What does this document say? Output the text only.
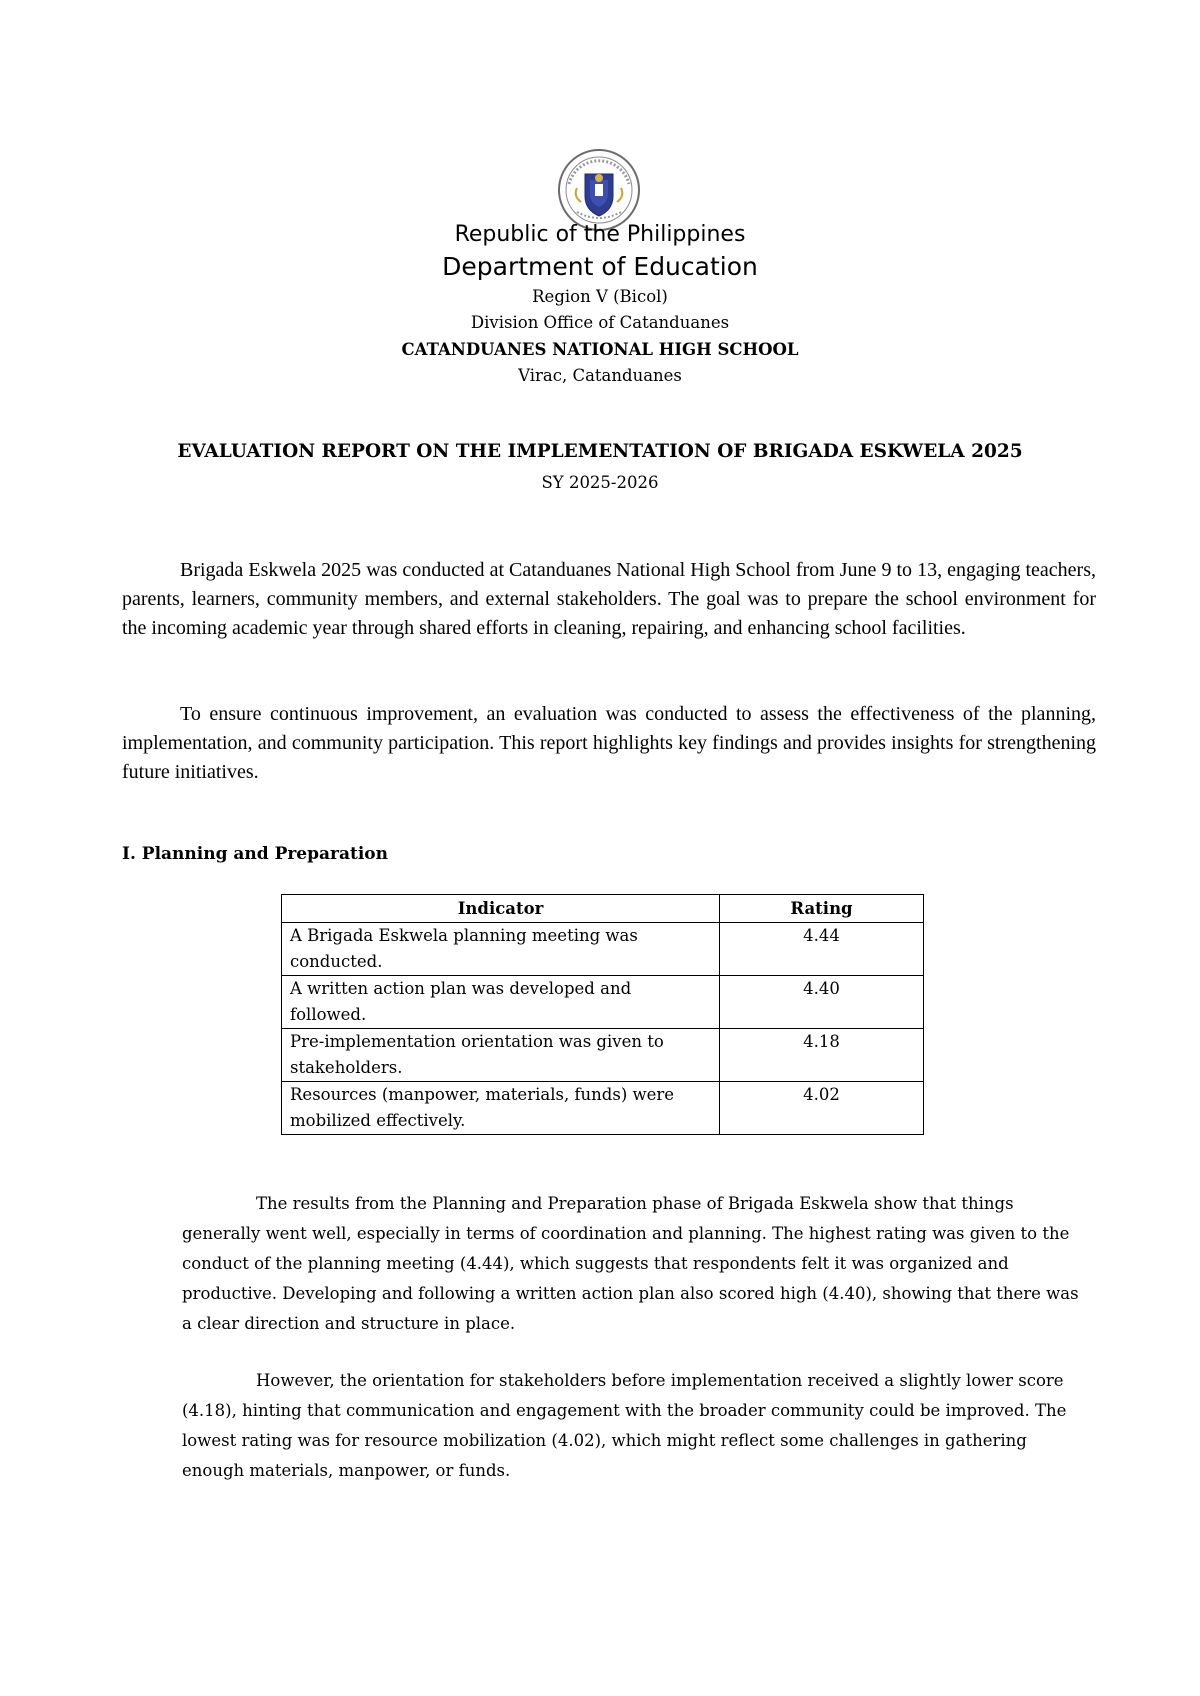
Republic of the Philippines
Department of Education
Region V (Bicol)
Division Office of Catanduanes
CATANDUANES NATIONAL HIGH SCHOOL
Virac, Catanduanes
EVALUATION REPORT ON THE IMPLEMENTATION OF BRIGADA ESKWELA 2025
SY 2025-2026

Brigada Eskwela 2025 was conducted at Catanduanes National High School from June 9 to 13, engaging teachers, parents, learners, community members, and external stakeholders. The goal was to prepare the school environment for the incoming academic year through shared efforts in cleaning, repairing, and enhancing school facilities.

To ensure continuous improvement, an evaluation was conducted to assess the effectiveness of the planning, implementation, and community participation. This report highlights key findings and provides insights for strengthening future initiatives.

I. Planning and Preparation
Indicator	Rating
A Brigada Eskwela planning meeting was conducted.	4.44
A written action plan was developed and followed.	4.40
Pre-implementation orientation was given to stakeholders.	4.18
Resources (manpower, materials, funds) were mobilized effectively.	4.02

The results from the Planning and Preparation phase of Brigada Eskwela show that things generally went well, especially in terms of coordination and planning. The highest rating was given to the conduct of the planning meeting (4.44), which suggests that respondents felt it was organized and productive. Developing and following a written action plan also scored high (4.40), showing that there was a clear direction and structure in place.

However, the orientation for stakeholders before implementation received a slightly lower score (4.18), hinting that communication and engagement with the broader community could be improved. The lowest rating was for resource mobilization (4.02), which might reflect some challenges in gathering enough materials, manpower, or funds.
